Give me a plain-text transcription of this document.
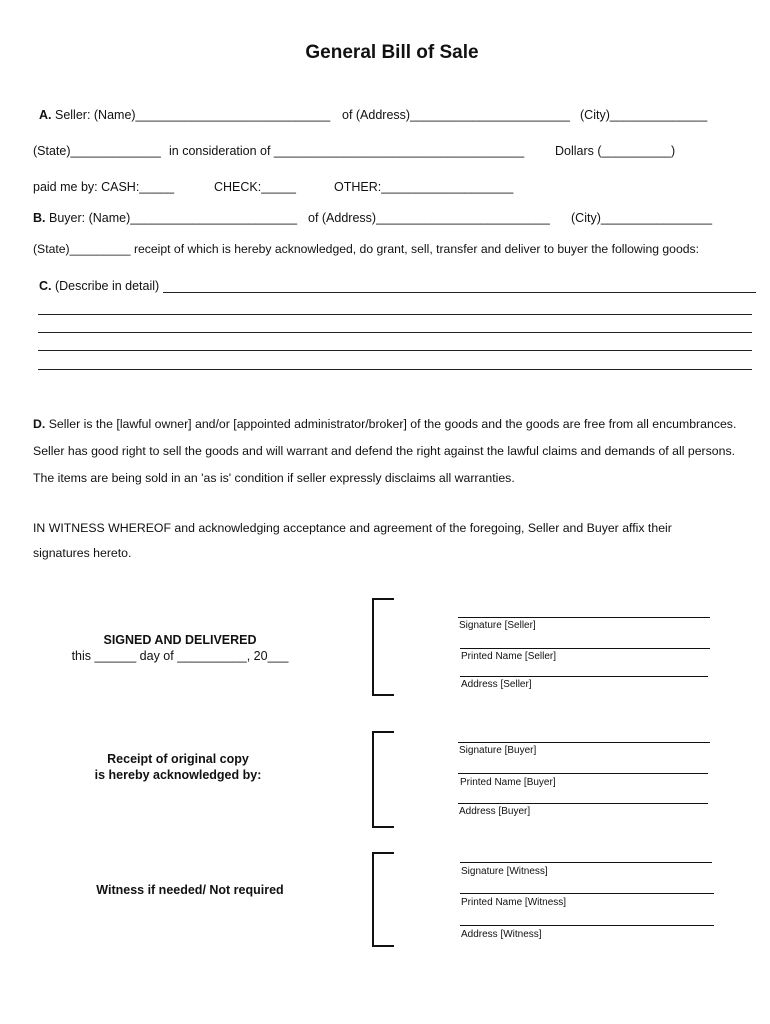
General Bill of Sale
A. Seller: (Name)____________________________ of (Address)_______________________ (City)______________
(State)_____________ in consideration of ____________________________________ Dollars (__________)
paid me by: CASH:_____	CHECK:_____	OTHER:___________________
B. Buyer: (Name)________________________ of (Address)_________________________ (City)________________
(State)_________ receipt of which is hereby acknowledged, do grant, sell, transfer and deliver to buyer the following goods:
C. (Describe in detail)
D. Seller is the [lawful owner] and/or [appointed administrator/broker] of the goods and the goods are free from all encumbrances.
Seller has good right to sell the goods and will warrant and defend the right against the lawful claims and demands of all persons.
The items are being sold in an 'as is' condition if seller expressly disclaims all warranties.
IN WITNESS WHEREOF and acknowledging acceptance and agreement of the foregoing, Seller and Buyer affix their
signatures hereto.
SIGNED AND DELIVERED
this ______ day of __________, 20___
Signature [Seller]
Printed Name [Seller]
Address [Seller]
Receipt of original copy
is hereby acknowledged by:
Signature [Buyer]
Printed Name [Buyer]
Address [Buyer]
Witness if needed/ Not required
Signature [Witness]
Printed Name [Witness]
Address [Witness]
